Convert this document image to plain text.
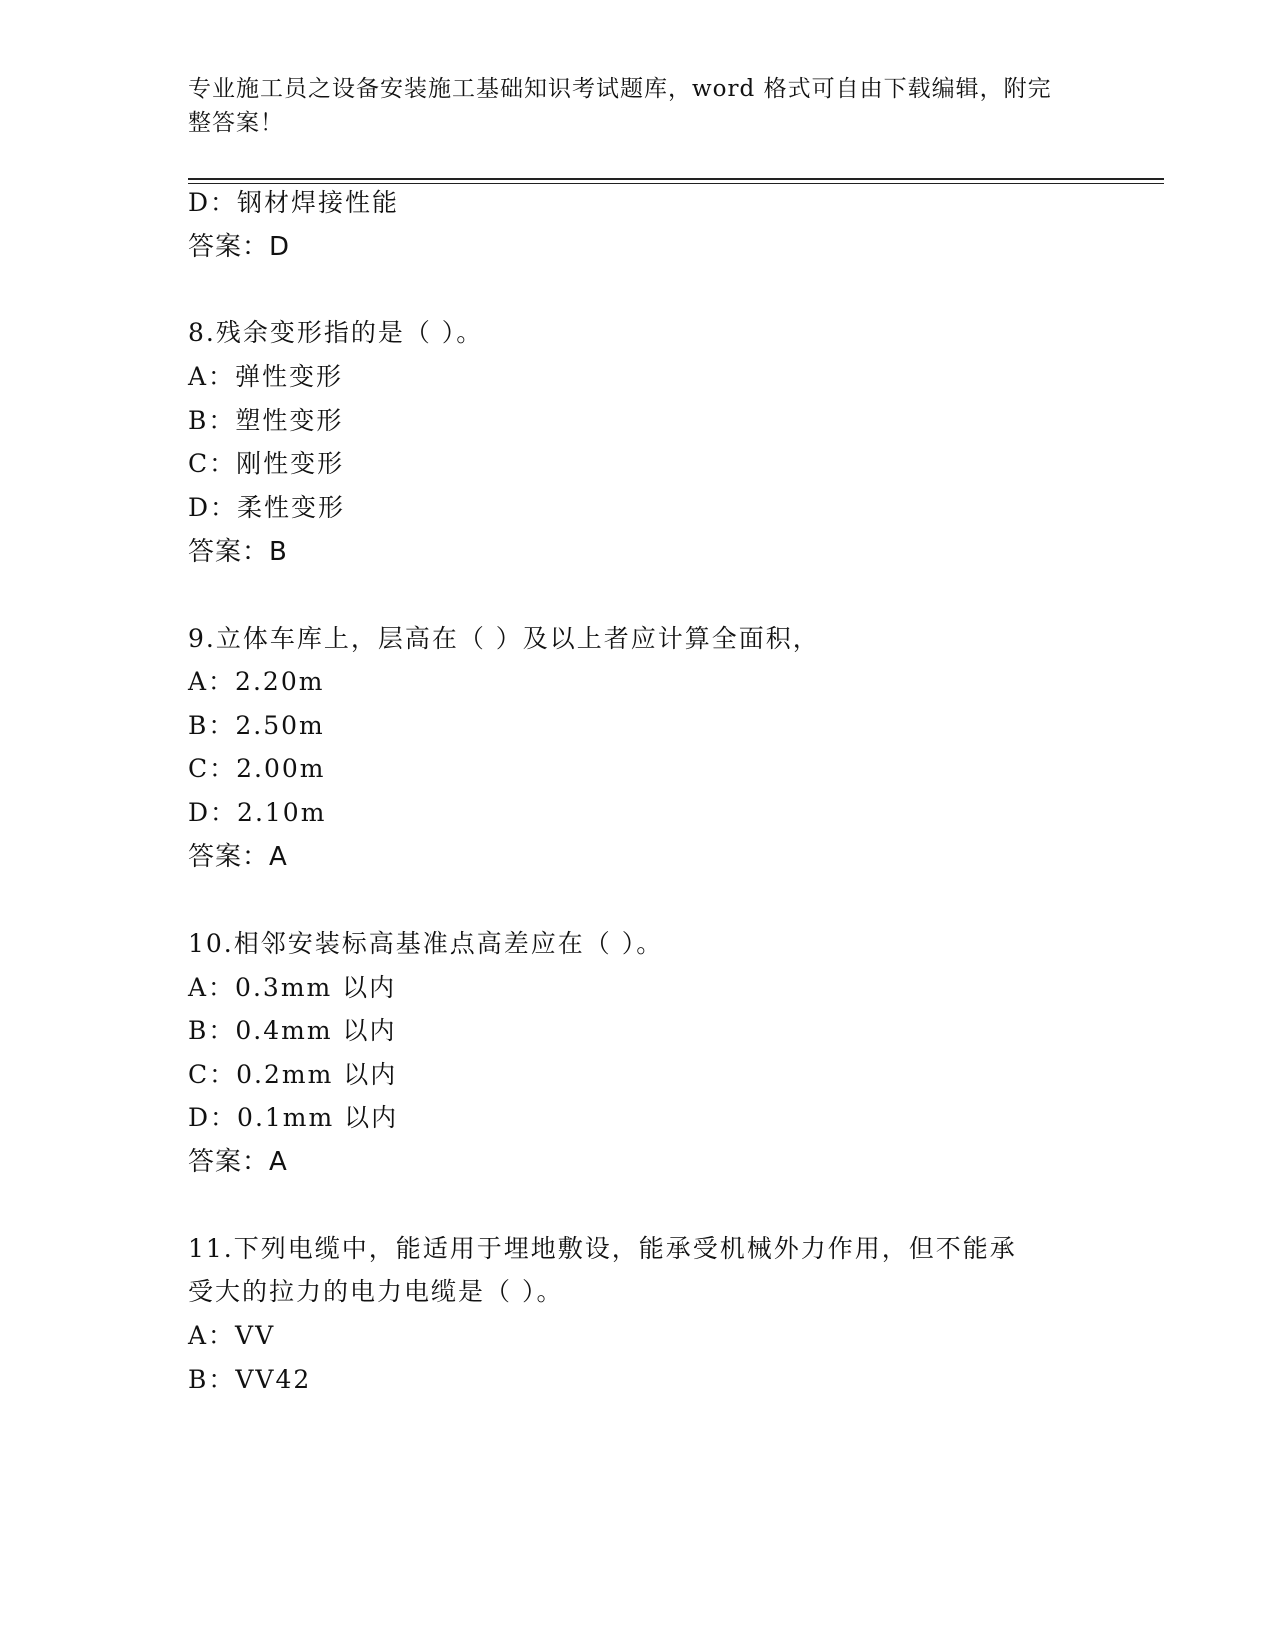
专业施工员之设备安装施工基础知识考试题库，word 格式可自由下载编辑，附完
整答案！
D：钢材焊接性能
答案：D
8.残余变形指的是（ ）。
A：弹性变形
B：塑性变形
C：刚性变形
D：柔性变形
答案：B
9.立体车库上，层高在（ ）及以上者应计算全面积，
A：2.20m
B：2.50m
C：2.00m
D：2.10m
答案：A
10.相邻安装标高基准点高差应在（ ）。
A：0.3mm 以内
B：0.4mm 以内
C：0.2mm 以内
D：0.1mm 以内
答案：A
11.下列电缆中，能适用于埋地敷设，能承受机械外力作用，但不能承
受大的拉力的电力电缆是（ ）。
A：VV
B：VV42
